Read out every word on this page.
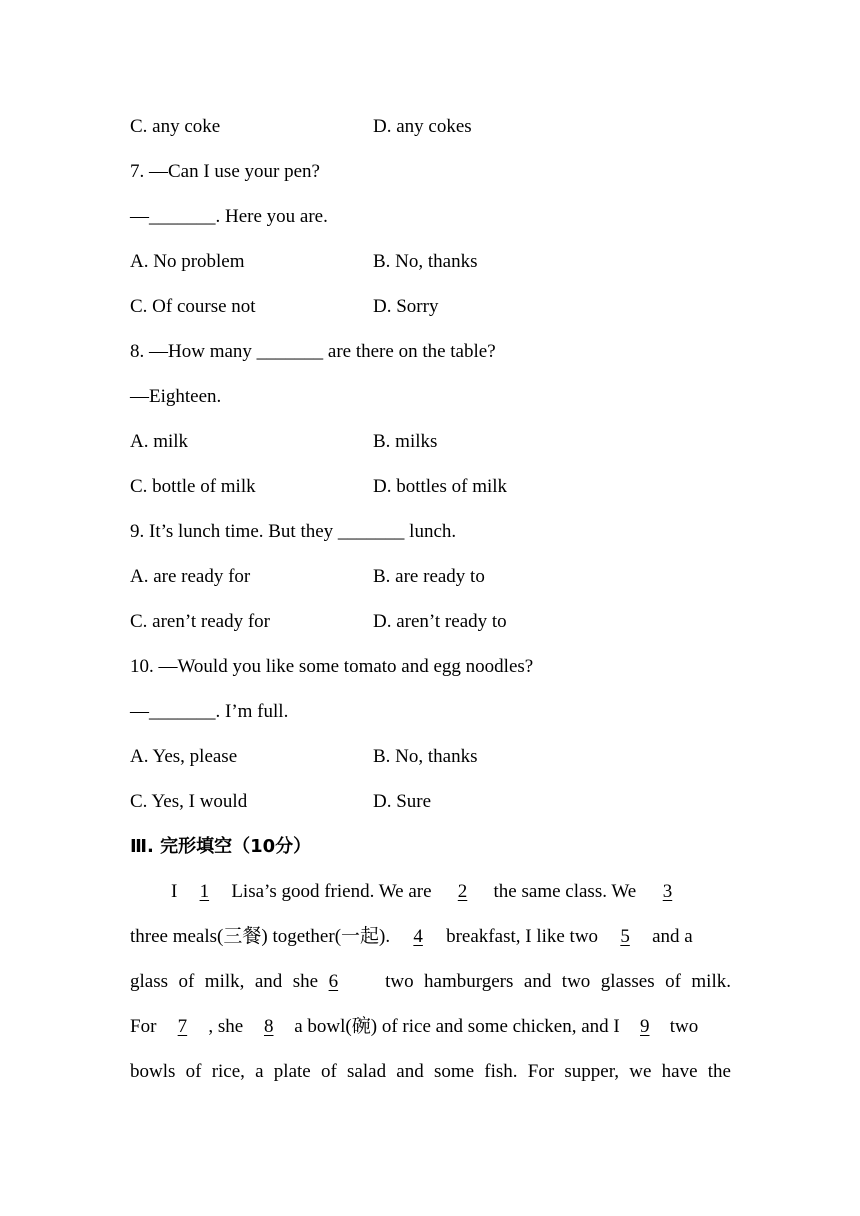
C. any coke	D. any cokes
7. —Can I use your pen?
—_______. Here you are.
A. No problem	B. No, thanks
C. Of course not	D. Sorry
8. —How many _______ are there on the table?
—Eighteen.
A. milk	B. milks
C. bottle of milk	D. bottles of milk
9. It’s lunch time. But they _______ lunch.
A. are ready for	B. are ready to
C. aren’t ready for	D. aren’t ready to
10. —Would you like some tomato and egg noodles?
—_______. I’m full.
A. Yes, please	B. No, thanks
C. Yes, I would	D. Sure
Ⅲ. 完形填空（10分）
I 1 Lisa’s good friend. We are 2 the same class. We 3
three meals(三餐) together(一起). 4 breakfast, I like two 5 and a
glass of milk, and she 6 two hamburgers and two glasses of milk.
For 7 , she 8 a bowl(碗) of rice and some chicken, and I 9 two
bowls of rice, a plate of salad and some fish. For supper, we have the
